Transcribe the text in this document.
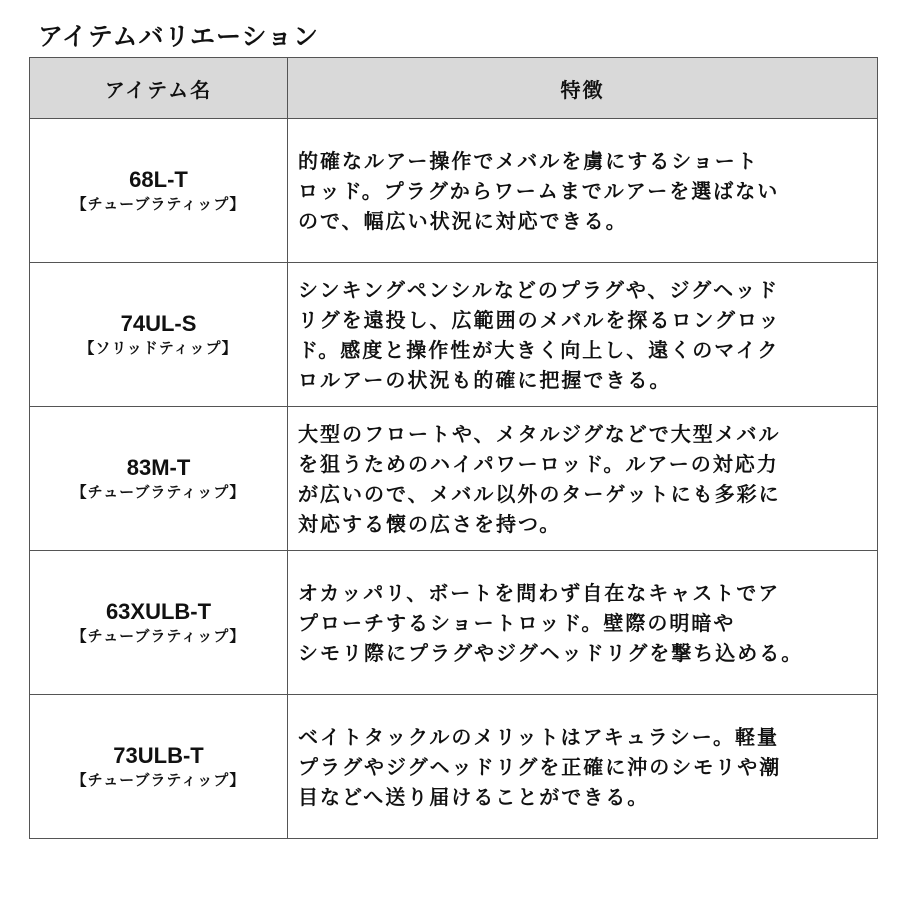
アイテムバリエーション
アイテム名	特徴

68L-T
【チューブラティップ】	的確なルアー操作でメバルを虜にするショート
ロッド。プラグからワームまでルアーを選ばない
ので、幅広い状況に対応できる。

74UL-S
【ソリッドティップ】	シンキングペンシルなどのプラグや、ジグヘッド
リグを遠投し、広範囲のメバルを探るロングロッ
ド。感度と操作性が大きく向上し、遠くのマイク
ロルアーの状況も的確に把握できる。

83M-T
【チューブラティップ】	大型のフロートや、メタルジグなどで大型メバル
を狙うためのハイパワーロッド。ルアーの対応力
が広いので、メバル以外のターゲットにも多彩に
対応する懐の広さを持つ。

63XULB-T
【チューブラティップ】	オカッパリ、ボートを問わず自在なキャストでア
プローチするショートロッド。壁際の明暗や
シモリ際にプラグやジグヘッドリグを撃ち込める。

73ULB-T
【チューブラティップ】	ベイトタックルのメリットはアキュラシー。軽量
プラグやジグヘッドリグを正確に沖のシモリや潮
目などへ送り届けることができる。
